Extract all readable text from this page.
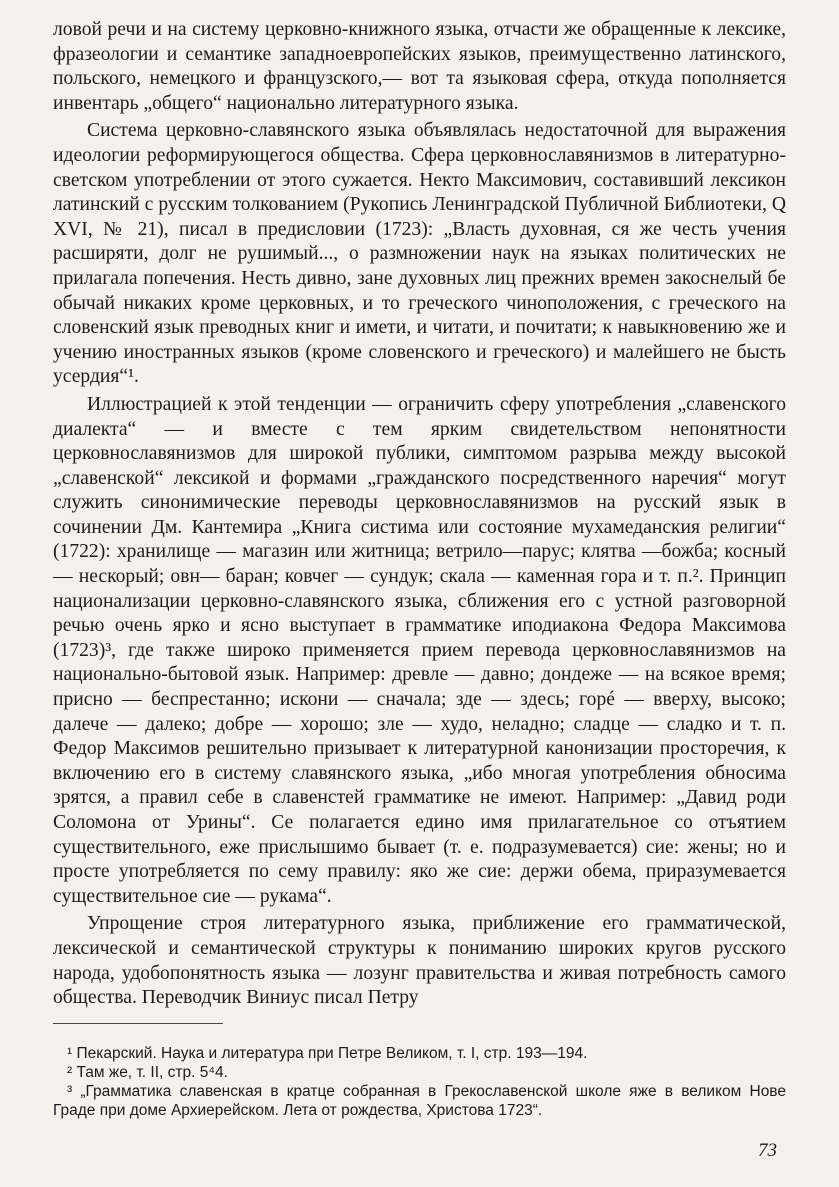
ловой речи и на систему церковно-книжного языка, отчасти же обращенные к лексике, фразеологии и семантике западноевропейских языков, преимущественно латинского, польского, немецкого и французского,— вот та языковая сфера, откуда пополняется инвентарь „общего“ национально литературного языка.

Система церковно-славянского языка объявлялась недостаточной для выражения идеологии реформирующегося общества. Сфера церковнославянизмов в литературно-светском употреблении от этого сужается. Некто Максимович, составивший лексикон латинский с русским толкованием (Рукопись Ленинградской Публичной Библиотеки, Q XVI, № 21), писал в предисловии (1723): „Власть духовная, ся же честь учения расширяти, долг не рушимый..., о размножении наук на языках политических не прилагала попечения. Несть дивно, зане духовных лиц прежних времен закоснелый бе обычай никаких кроме церковных, и то греческого чиноположения, с греческого на словенский язык преводных книг и имети, и читати, и почитати; к навыкновению же и учению иностранных языков (кроме словенского и греческого) и малейшего не бысть усердия“¹.

Иллюстрацией к этой тенденции — ограничить сферу употребления „славенского диалекта“ — и вместе с тем ярким свидетельством непонятности церковнославянизмов для широкой публики, симптомом разрыва между высокой „славенской“ лексикой и формами „гражданского посредственного наречия“ могут служить синонимические переводы церковнославянизмов на русский язык в сочинении Дм. Кантемира „Книга систима или состояние мухамеданския религии“ (1722): хранилище — магазин или житница; ветрило—парус; клятва —божба; косный— нескорый; овн— баран; ковчег — сундук; скала — каменная гора и т. п.². Принцип национализации церковно-славянского языка, сближения его с устной разговорной речью очень ярко и ясно выступает в грамматике иподиакона Федора Максимова (1723)³, где также широко применяется прием перевода церковнославянизмов на национально-бытовой язык. Например: древле — давно; дондеже — на всякое время; присно — беспрестанно; искони — сначала; зде — здесь; горé — вверху, высоко; далече — далеко; добре — хорошо; зле — худо, неладно; сладце — сладко и т. п. Федор Максимов решительно призывает к литературной канонизации просторечия, к включению его в систему славянского языка, „ибо многая употребления обносима зрятся, а правил себе в славенстей грамматике не имеют. Например: „Давид роди Соломона от Урины“. Се полагается едино имя прилагательное со отъятием существительного, еже прислышимо бывает (т. е. подразумевается) сие: жены; но и просте употребляется по сему правилу: яко же сие: держи обема, приразумевается существительное сие — рукама“.

Упрощение строя литературного языка, приближение его грамматической, лексической и семантической структуры к пониманию широких кругов русского народа, удобопонятность языка — лозунг правительства и живая потребность самого общества. Переводчик Виниус писал Петру

¹ Пекарский. Наука и литература при Петре Великом, т. I, стр. 193—194.

² Там же, т. II, стр. 5⁴4.

³ „Грамматика славенская в кратце собранная в Грекославенской школе яже в великом Нове Граде при доме Архиерейском. Лета от рождества, Христова 1723“.

73
